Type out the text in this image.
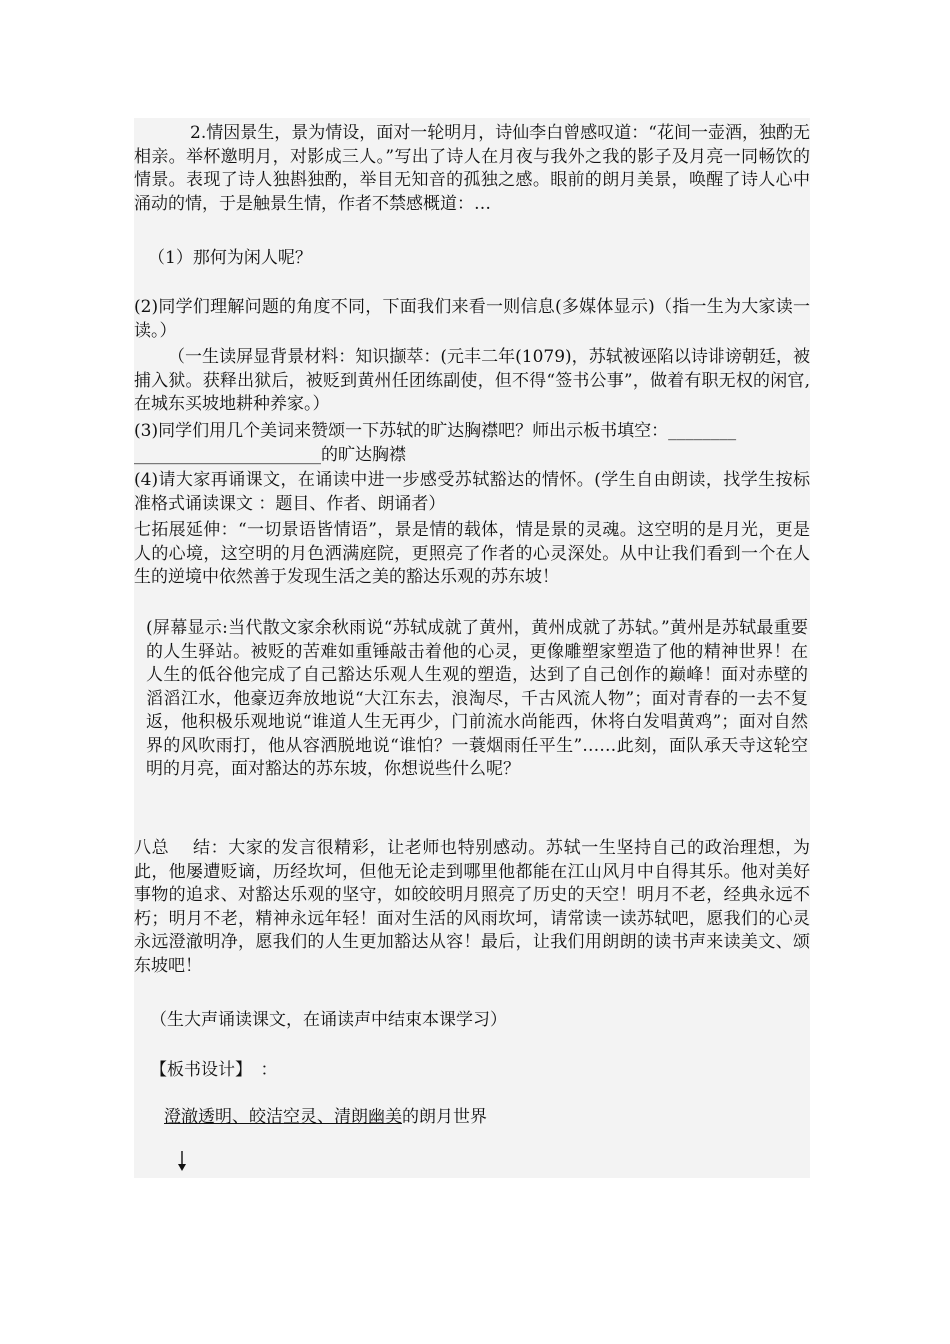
2.情因景生，景为情设，面对一轮明月，诗仙李白曾感叹道：“花间一壶酒，独酌无相亲。举杯邀明月，对影成三人。”写出了诗人在月夜与我外之我的影子及月亮一同畅饮的情景。表现了诗人独斟独酌，举目无知音的孤独之感。眼前的朗月美景，唤醒了诗人心中涌动的情，于是触景生情，作者不禁感概道：…

（1）那何为闲人呢？

(2)同学们理解问题的角度不同，下面我们来看一则信息(多媒体显示)（指一生为大家读一读。）

（一生读屏显背景材料：知识撷萃：(元丰二年(1079)，苏轼被诬陷以诗诽谤朝廷，被捕入狱。获释出狱后，被贬到黄州任团练副使，但不得“签书公事”，做着有职无权的闲官,在城东买坡地耕种养家。）

(3)同学们用几个美词来赞颂一下苏轼的旷达胸襟吧？师出示板书填空：________
______________________的旷达胸襟

(4)请大家再诵课文，在诵读中进一步感受苏轼豁达的情怀。(学生自由朗读，找学生按标准格式诵读课文 ：题目、作者、朗诵者）

七拓展延伸：“一切景语皆情语”，景是情的载体，情是景的灵魂。这空明的是月光，更是人的心境，这空明的月色洒满庭院，更照亮了作者的心灵深处。从中让我们看到一个在人生的逆境中依然善于发现生活之美的豁达乐观的苏东坡！

(屏幕显示:当代散文家余秋雨说“苏轼成就了黄州，黄州成就了苏轼。”黄州是苏轼最重要的人生驿站。被贬的苦难如重锤敲击着他的心灵，更像雕塑家塑造了他的精神世界！在人生的低谷他完成了自己豁达乐观人生观的塑造，达到了自己创作的巅峰！面对赤壁的滔滔江水，他豪迈奔放地说“大江东去，浪淘尽，千古风流人物”；面对青春的一去不复返，他积极乐观地说“谁道人生无再少，门前流水尚能西，休将白发唱黄鸡”；面对自然界的风吹雨打，他从容洒脱地说“谁怕？一蓑烟雨任平生”……此刻，面队承天寺这轮空明的月亮，面对豁达的苏东坡，你想说些什么呢？

八总　 结：大家的发言很精彩，让老师也特别感动。苏轼一生坚持自己的政治理想，为此，他屡遭贬谪，历经坎坷，但他无论走到哪里他都能在江山风月中自得其乐。他对美好事物的追求、对豁达乐观的坚守，如皎皎明月照亮了历史的天空！明月不老，经典永远不朽；明月不老，精神永远年轻！面对生活的风雨坎坷，请常读一读苏轼吧，愿我们的心灵永远澄澈明净，愿我们的人生更加豁达从容！最后，让我们用朗朗的读书声来读美文、颂东坡吧！

（生大声诵读课文，在诵读声中结束本课学习）

【板书设计】　：

澄澈透明、皎洁空灵、清朗幽美的朗月世界
